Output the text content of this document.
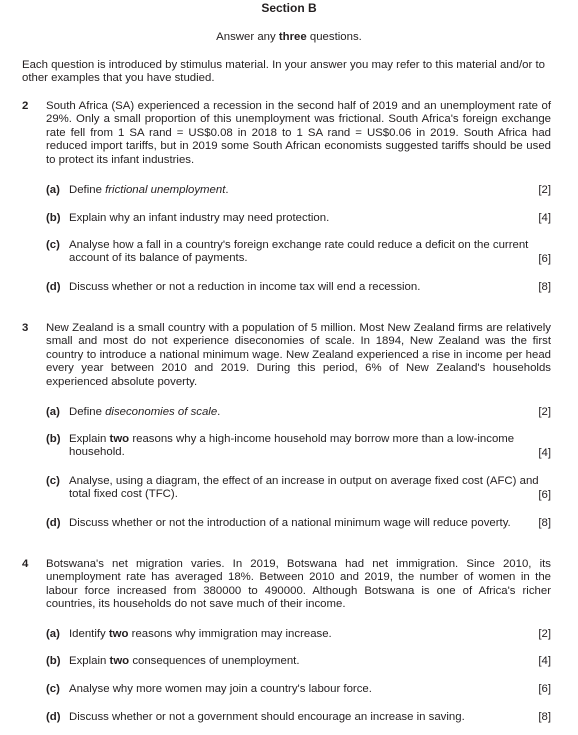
Section B
Answer any three questions.
Each question is introduced by stimulus material. In your answer you may refer to this material and/or to other examples that you have studied.
2 South Africa (SA) experienced a recession in the second half of 2019 and an unemployment rate of 29%. Only a small proportion of this unemployment was frictional. South Africa's foreign exchange rate fell from 1 SA rand = US$0.08 in 2018 to 1 SA rand = US$0.06 in 2019. South Africa had reduced import tariffs, but in 2019 some South African economists suggested tariffs should be used to protect its infant industries.
(a) Define frictional unemployment.	[2]
(b) Explain why an infant industry may need protection.	[4]
(c) Analyse how a fall in a country's foreign exchange rate could reduce a deficit on the current account of its balance of payments.	[6]
(d) Discuss whether or not a reduction in income tax will end a recession.	[8]
3 New Zealand is a small country with a population of 5 million. Most New Zealand firms are relatively small and most do not experience diseconomies of scale. In 1894, New Zealand was the first country to introduce a national minimum wage. New Zealand experienced a rise in income per head every year between 2010 and 2019. During this period, 6% of New Zealand's households experienced absolute poverty.
(a) Define diseconomies of scale.	[2]
(b) Explain two reasons why a high-income household may borrow more than a low-income household.	[4]
(c) Analyse, using a diagram, the effect of an increase in output on average fixed cost (AFC) and total fixed cost (TFC).	[6]
(d) Discuss whether or not the introduction of a national minimum wage will reduce poverty.	[8]
4 Botswana's net migration varies. In 2019, Botswana had net immigration. Since 2010, its unemployment rate has averaged 18%. Between 2010 and 2019, the number of women in the labour force increased from 380000 to 490000. Although Botswana is one of Africa's richer countries, its households do not save much of their income.
(a) Identify two reasons why immigration may increase.	[2]
(b) Explain two consequences of unemployment.	[4]
(c) Analyse why more women may join a country's labour force.	[6]
(d) Discuss whether or not a government should encourage an increase in saving.	[8]
